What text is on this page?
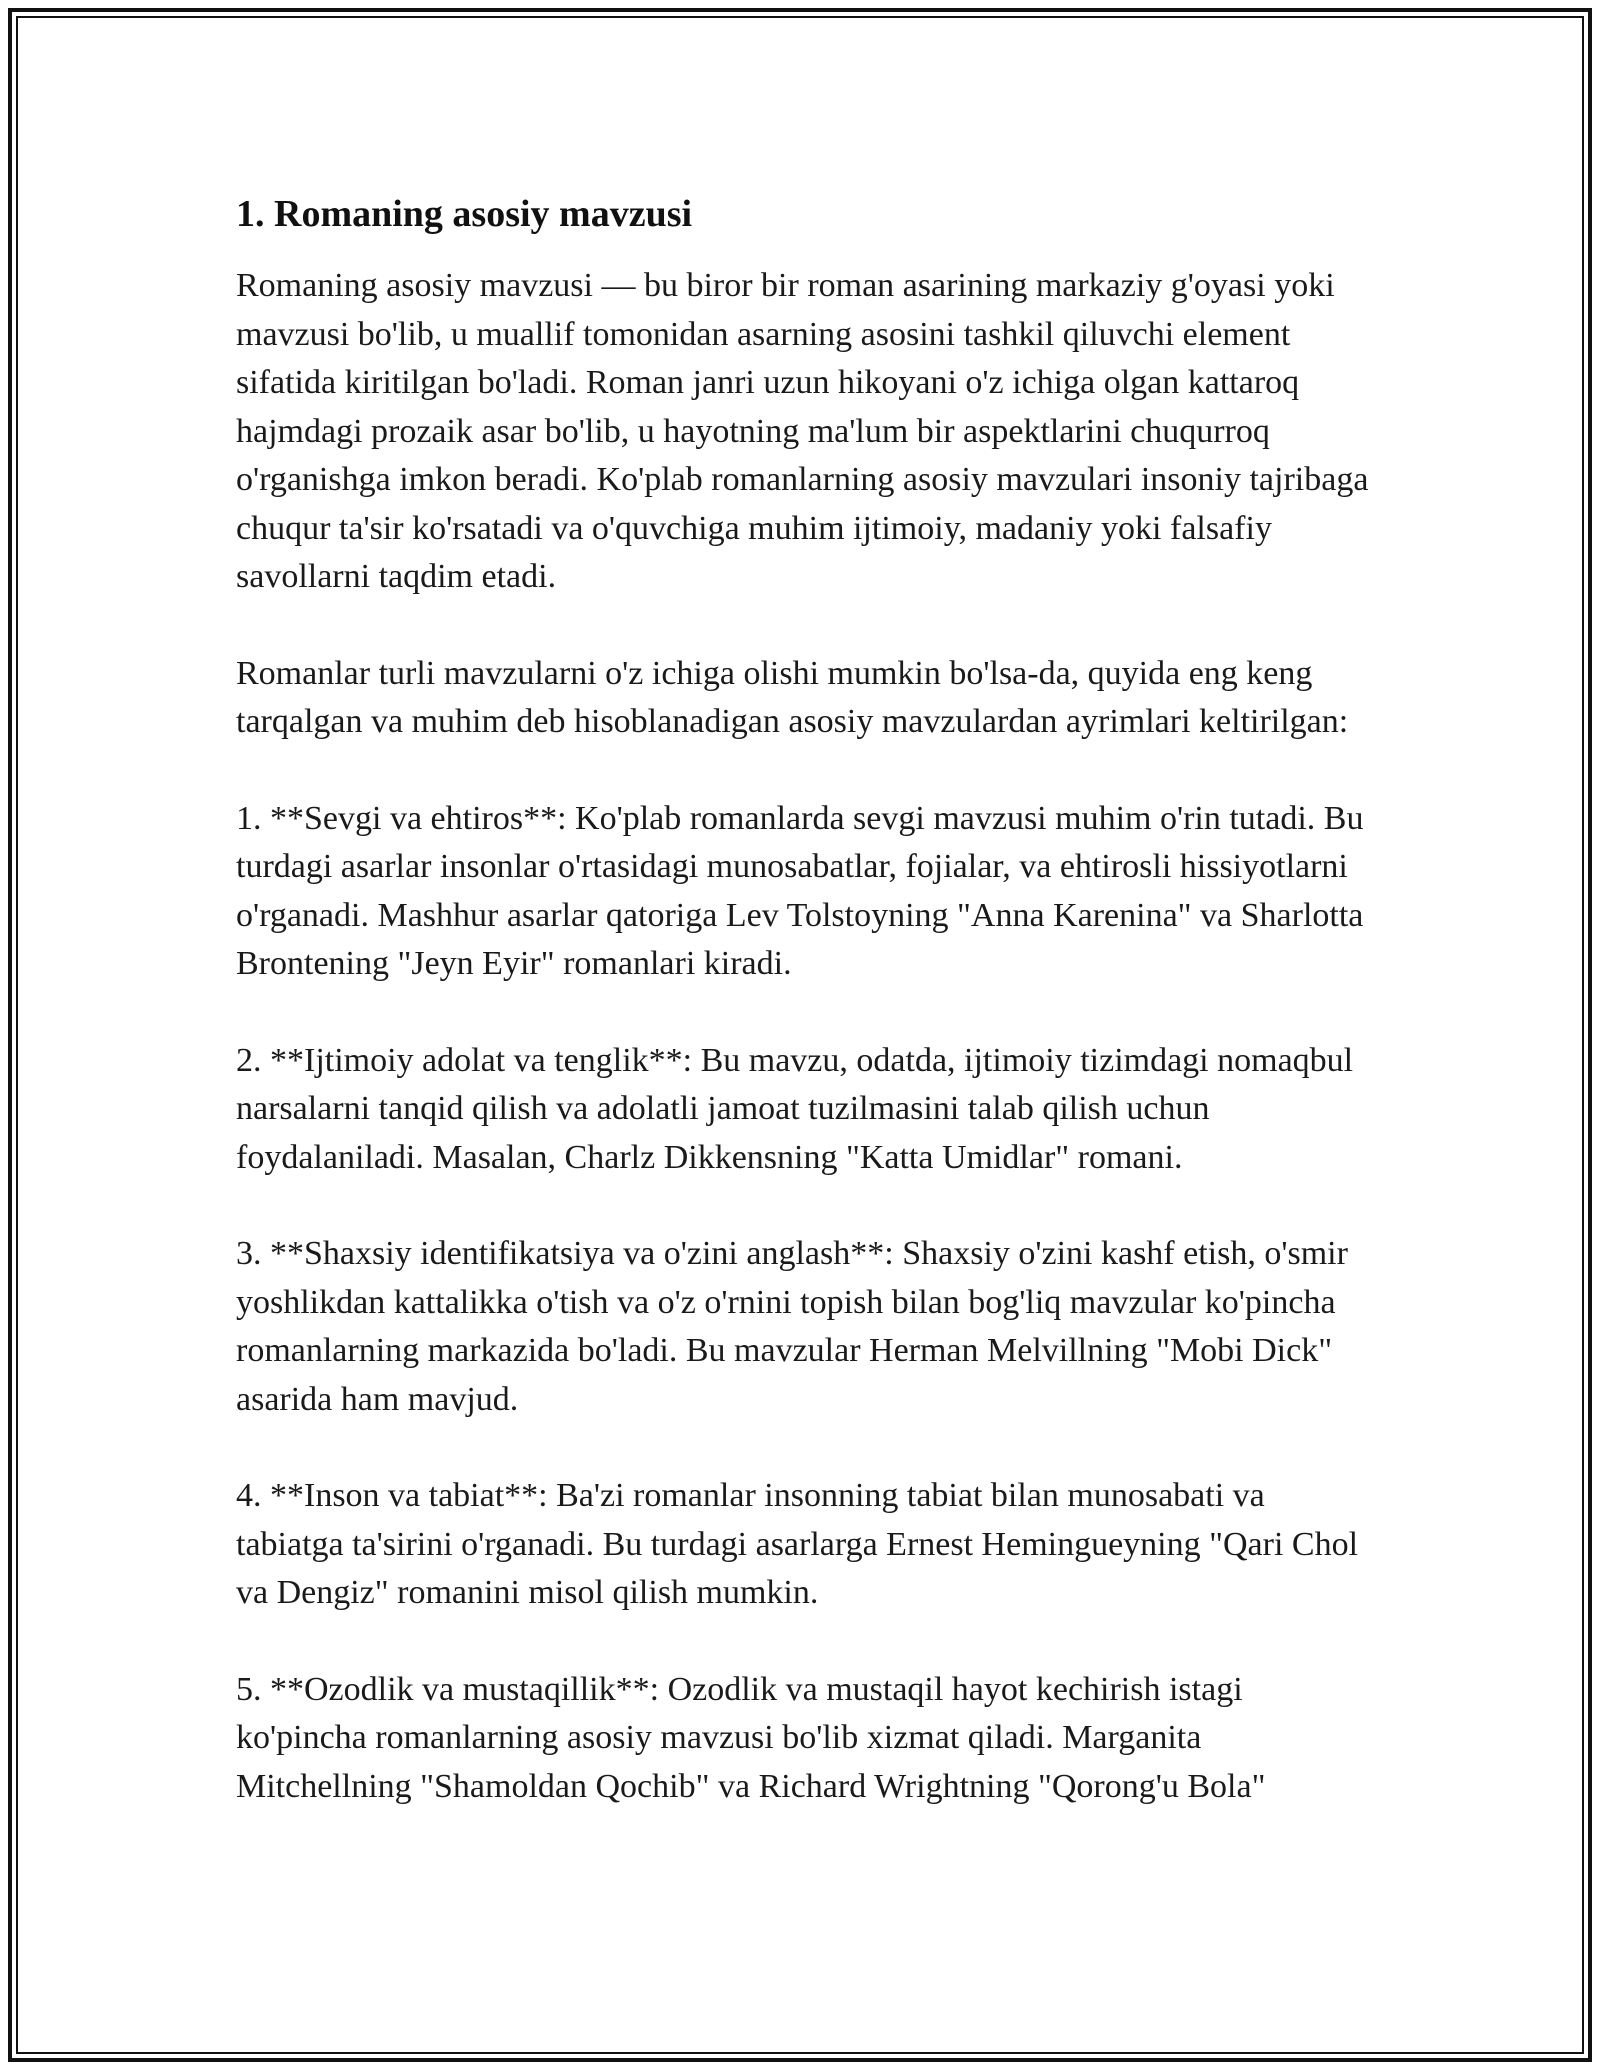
1. Romaning asosiy mavzusi

Romaning asosiy mavzusi — bu biror bir roman asarining markaziy g'oyasi yoki mavzusi bo'lib, u muallif tomonidan asarning asosini tashkil qiluvchi element sifatida kiritilgan bo'ladi. Roman janri uzun hikoyani o'z ichiga olgan kattaroq hajmdagi prozaik asar bo'lib, u hayotning ma'lum bir aspektlarini chuqurroq o'rganishga imkon beradi. Ko'plab romanlarning asosiy mavzulari insoniy tajribaga chuqur ta'sir ko'rsatadi va o'quvchiga muhim ijtimoiy, madaniy yoki falsafiy savollarni taqdim etadi.

Romanlar turli mavzularni o'z ichiga olishi mumkin bo'lsa-da, quyida eng keng tarqalgan va muhim deb hisoblanadigan asosiy mavzulardan ayrimlari keltirilgan:

1. **Sevgi va ehtiros**: Ko'plab romanlarda sevgi mavzusi muhim o'rin tutadi. Bu turdagi asarlar insonlar o'rtasidagi munosabatlar, fojialar, va ehtirosli hissiyotlarni o'rganadi. Mashhur asarlar qatoriga Lev Tolstoyning "Anna Karenina" va Sharlotta Brontening "Jeyn Eyir" romanlari kiradi.

2. **Ijtimoiy adolat va tenglik**: Bu mavzu, odatda, ijtimoiy tizimdagi nomaqbul narsalarni tanqid qilish va adolatli jamoat tuzilmasini talab qilish uchun foydalaniladi. Masalan, Charlz Dikkensning "Katta Umidlar" romani.

3. **Shaxsiy identifikatsiya va o'zini anglash**: Shaxsiy o'zini kashf etish, o'smir yoshlikdan kattalikka o'tish va o'z o'rnini topish bilan bog'liq mavzular ko'pincha romanlarning markazida bo'ladi. Bu mavzular Herman Melvillning "Mobi Dick" asarida ham mavjud.

4. **Inson va tabiat**: Ba'zi romanlar insonning tabiat bilan munosabati va tabiatga ta'sirini o'rganadi. Bu turdagi asarlarga Ernest Hemingueyning "Qari Chol va Dengiz" romanini misol qilish mumkin.

5. **Ozodlik va mustaqillik**: Ozodlik va mustaqil hayot kechirish istagi ko'pincha romanlarning asosiy mavzusi bo'lib xizmat qiladi. Marganita Mitchellning "Shamoldan Qochib" va Richard Wrightning "Qorong'u Bola"
